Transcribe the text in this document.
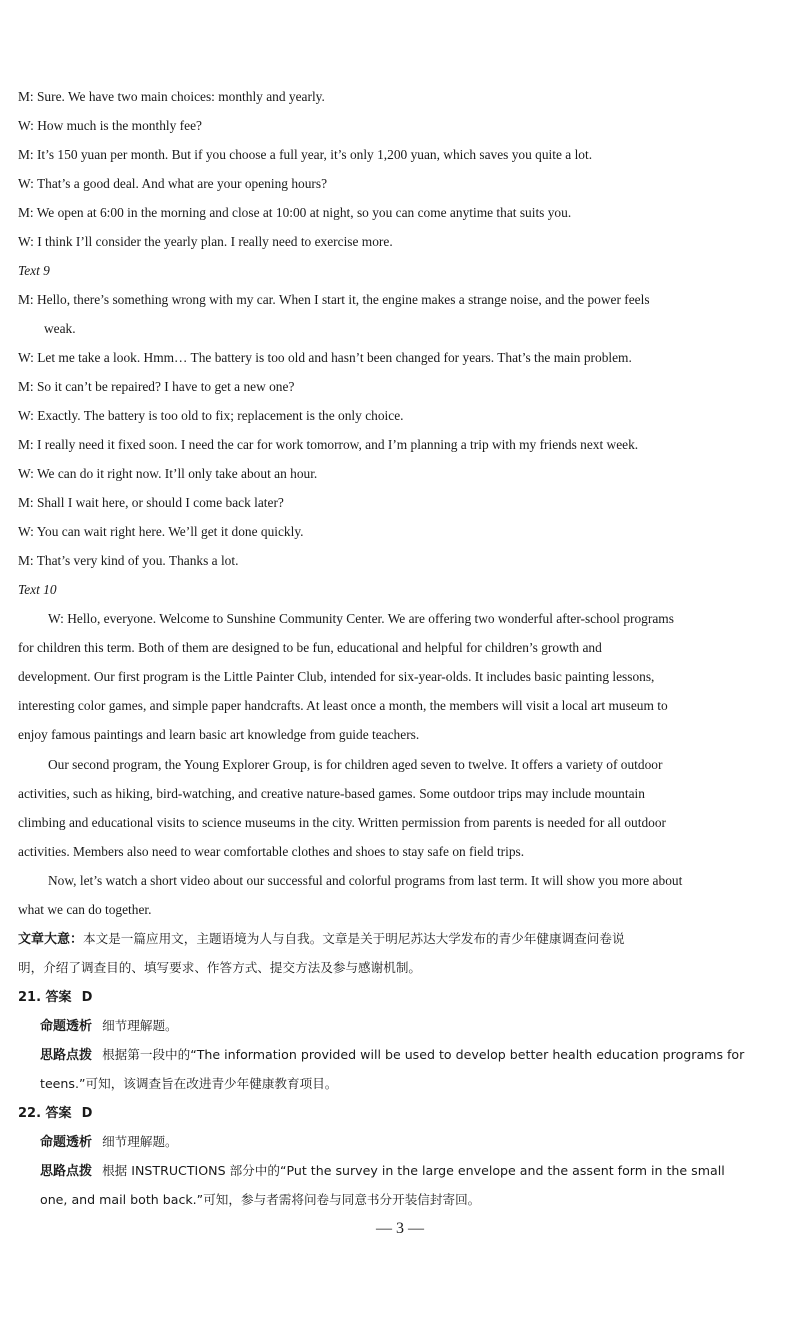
M: Sure. We have two main choices: monthly and yearly.
W: How much is the monthly fee?
M: It’s 150 yuan per month. But if you choose a full year, it’s only 1,200 yuan, which saves you quite a lot.
W: That’s a good deal. And what are your opening hours?
M: We open at 6:00 in the morning and close at 10:00 at night, so you can come anytime that suits you.
W: I think I’ll consider the yearly plan. I really need to exercise more.
Text 9
M: Hello, there’s something wrong with my car. When I start it, the engine makes a strange noise, and the power feels
weak.
W: Let me take a look. Hmm… The battery is too old and hasn’t been changed for years. That’s the main problem.
M: So it can’t be repaired? I have to get a new one?
W: Exactly. The battery is too old to fix; replacement is the only choice.
M: I really need it fixed soon. I need the car for work tomorrow, and I’m planning a trip with my friends next week.
W: We can do it right now. It’ll only take about an hour.
M: Shall I wait here, or should I come back later?
W: You can wait right here. We’ll get it done quickly.
M: That’s very kind of you. Thanks a lot.
Text 10
W: Hello, everyone. Welcome to Sunshine Community Center. We are offering two wonderful after-school programs
for children this term. Both of them are designed to be fun, educational and helpful for children’s growth and
development. Our first program is the Little Painter Club, intended for six-year-olds. It includes basic painting lessons,
interesting color games, and simple paper handcrafts. At least once a month, the members will visit a local art museum to
enjoy famous paintings and learn basic art knowledge from guide teachers.
Our second program, the Young Explorer Group, is for children aged seven to twelve. It offers a variety of outdoor
activities, such as hiking, bird-watching, and creative nature-based games. Some outdoor trips may include mountain
climbing and educational visits to science museums in the city. Written permission from parents is needed for all outdoor
activities. Members also need to wear comfortable clothes and shoes to stay safe on field trips.
Now, let’s watch a short video about our successful and colorful programs from last term. It will show you more about
what we can do together.
文章大意：本文是一篇应用文，主题语境为人与自我。文章是关于明尼苏达大学发布的青少年健康调查问卷说
明，介绍了调查目的、填写要求、作答方式、提交方法及参与感谢机制。
21. 答案 D
命题透析 细节理解题。
思路点拨 根据第一段中的“The information provided will be used to develop better health education programs for
teens.”可知，该调查旨在改进青少年健康教育项目。
22. 答案 D
命题透析 细节理解题。
思路点拨 根据 INSTRUCTIONS 部分中的“Put the survey in the large envelope and the assent form in the small
one, and mail both back.”可知，参与者需将问卷与同意书分开装信封寄回。
— 3 —
